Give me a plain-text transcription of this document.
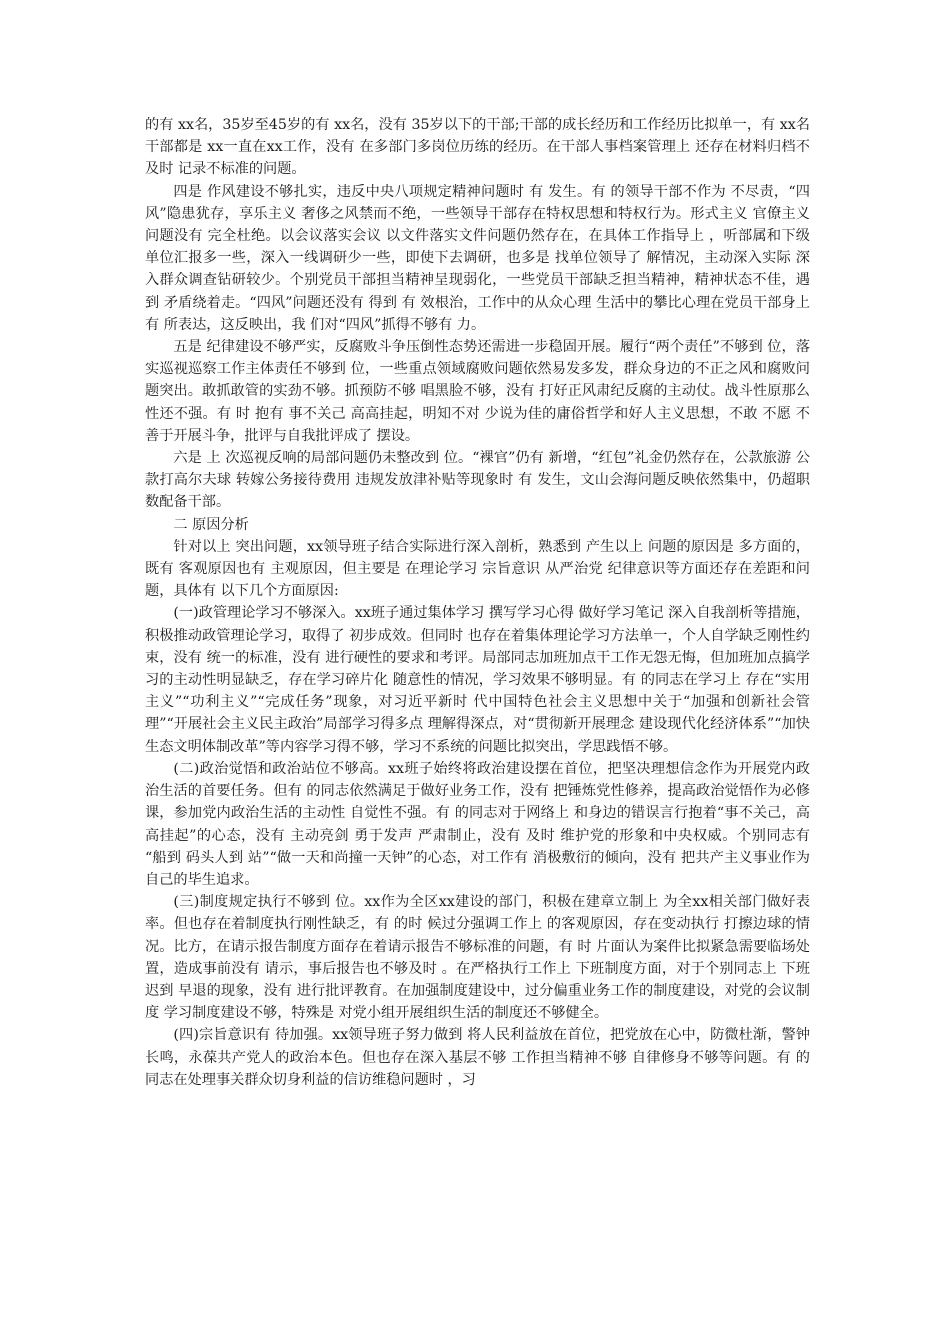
的有 xx名，35岁至45岁的有 xx名，没有 35岁以下的干部;干部的成长经历和工作经历比拟单一，有 xx名干部都是 xx一直在xx工作，没有 在多部门多岗位历练的经历。在干部人事档案管理上 还存在材料归档不及时 记录不标准的问题。

四是 作风建设不够扎实，违反中央八项规定精神问题时 有 发生。有 的领导干部不作为 不尽责，“四风”隐患犹存，享乐主义 奢侈之风禁而不绝，一些领导干部存在特权思想和特权行为。形式主义 官僚主义问题没有 完全杜绝。以会议落实会议 以文件落实文件问题仍然存在，在具体工作指导上 ，听部属和下级单位汇报多一些，深入一线调研少一些，即使下去调研，也多是 找单位领导了 解情况，主动深入实际 深入群众调查钻研较少。个别党员干部担当精神呈现弱化，一些党员干部缺乏担当精神，精神状态不佳，遇到 矛盾绕着走。“四风”问题还没有 得到 有 效根治，工作中的从众心理 生活中的攀比心理在党员干部身上 有 所表达，这反映出，我 们对“四风”抓得不够有 力。

五是 纪律建设不够严实，反腐败斗争压倒性态势还需进一步稳固开展。履行“两个责任”不够到 位，落实巡视巡察工作主体责任不够到 位，一些重点领域腐败问题依然易发多发，群众身边的不正之风和腐败问题突出。敢抓敢管的实劲不够。抓预防不够 唱黑脸不够，没有 打好正风肃纪反腐的主动仗。战斗性原那么性还不强。有 时 抱有 事不关己 高高挂起，明知不对 少说为佳的庸俗哲学和好人主义思想，不敢 不愿 不善于开展斗争，批评与自我批评成了 摆设。

六是 上 次巡视反响的局部问题仍未整改到 位。“裸官”仍有 新增，“红包”礼金仍然存在，公款旅游 公款打高尔夫球 转嫁公务接待费用 违规发放津补贴等现象时 有 发生，文山会海问题反映依然集中，仍超职数配备干部。

二 原因分析

针对以上 突出问题，xx领导班子结合实际进行深入剖析，熟悉到 产生以上 问题的原因是 多方面的，既有 客观原因也有 主观原因，但主要是 在理论学习 宗旨意识 从严治党 纪律意识等方面还存在差距和问题，具体有 以下几个方面原因:

(一)政管理论学习不够深入。xx班子通过集体学习 撰写学习心得 做好学习笔记 深入自我剖析等措施，积极推动政管理论学习，取得了 初步成效。但同时 也存在着集体理论学习方法单一，个人自学缺乏刚性约束，没有 统一的标准，没有 进行硬性的要求和考评。局部同志加班加点干工作无怨无悔，但加班加点搞学习的主动性明显缺乏，存在学习碎片化 随意性的情况，学习效果不够明显。有 的同志在学习上 存在“实用主义”“功利主义”“完成任务”现象，对习近平新时 代中国特色社会主义思想中关于“加强和创新社会管理”“开展社会主义民主政治”局部学习得多点 理解得深点，对“贯彻新开展理念 建设现代化经济体系”“加快生态文明体制改革”等内容学习得不够，学习不系统的问题比拟突出，学思践悟不够。

(二)政治觉悟和政治站位不够高。xx班子始终将政治建设摆在首位，把坚决理想信念作为开展党内政治生活的首要任务。但有 的同志依然满足于做好业务工作，没有 把锤炼党性修养，提高政治觉悟作为必修课，参加党内政治生活的主动性 自觉性不强。有 的同志对于网络上 和身边的错误言行抱着“事不关己，高高挂起”的心态，没有 主动亮剑 勇于发声 严肃制止，没有 及时 维护党的形象和中央权威。个别同志有 “船到 码头人到 站”“做一天和尚撞一天钟”的心态，对工作有 消极敷衍的倾向，没有 把共产主义事业作为自己的毕生追求。

(三)制度规定执行不够到 位。xx作为全区xx建设的部门，积极在建章立制上 为全xx相关部门做好表率。但也存在着制度执行刚性缺乏，有 的时 候过分强调工作上 的客观原因，存在变动执行 打擦边球的情况。比方，在请示报告制度方面存在着请示报告不够标准的问题，有 时 片面认为案件比拟紧急需要临场处置，造成事前没有 请示，事后报告也不够及时 。在严格执行工作上 下班制度方面，对于个别同志上 下班迟到 早退的现象，没有 进行批评教育。在加强制度建设中，过分偏重业务工作的制度建设，对党的会议制度 学习制度建设不够，特殊是 对党小组开展组织生活的制度还不够健全。

(四)宗旨意识有 待加强。xx领导班子努力做到 将人民利益放在首位，把党放在心中，防微杜渐，警钟长鸣，永葆共产党人的政治本色。但也存在深入基层不够 工作担当精神不够 自律修身不够等问题。有 的同志在处理事关群众切身利益的信访维稳问题时 ，习
